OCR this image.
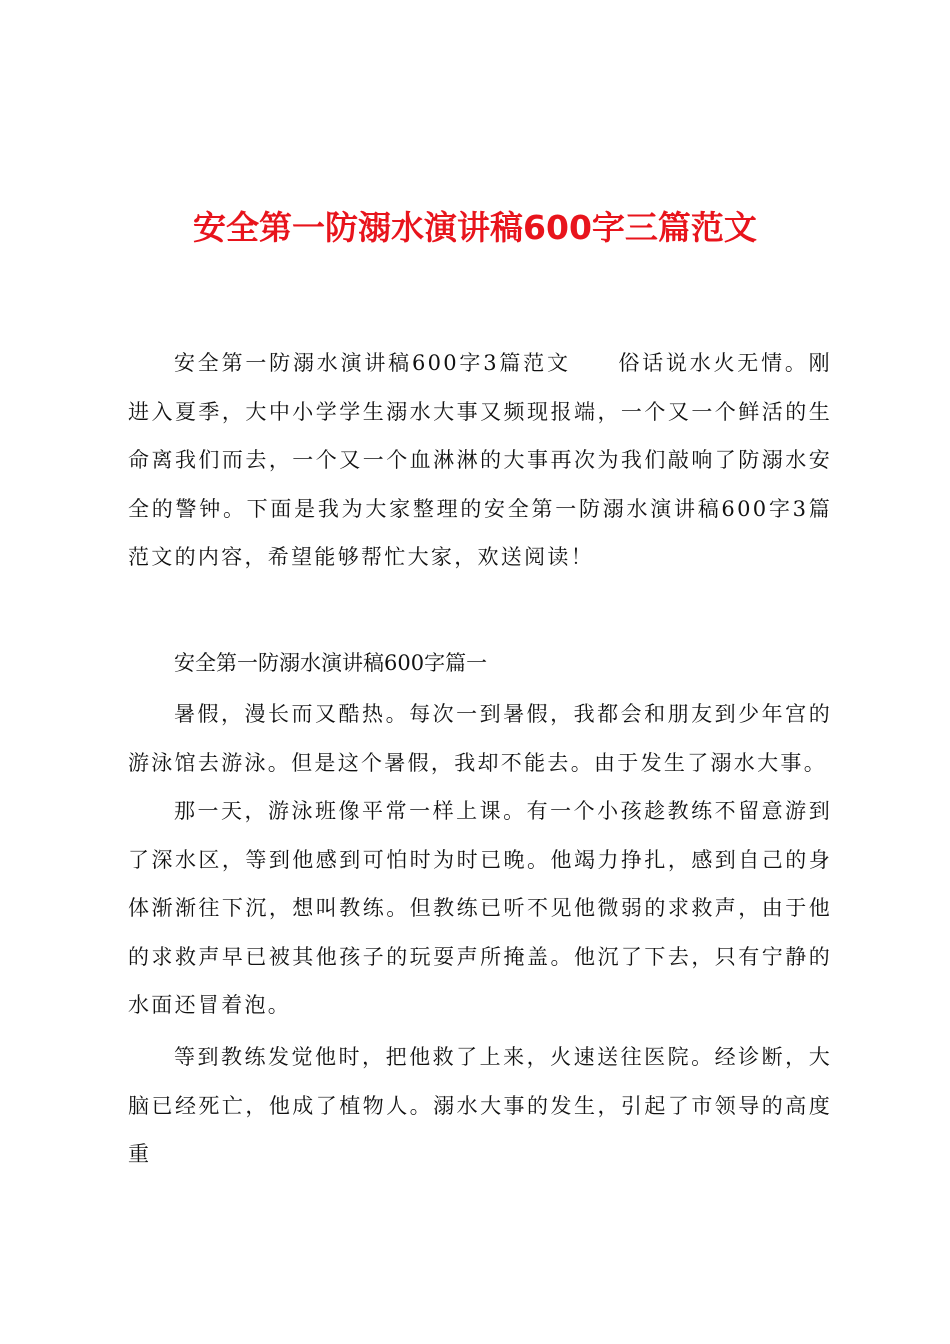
安全第一防溺水演讲稿600字三篇范文

安全第一防溺水演讲稿600字3篇范文　　俗话说水火无情。刚进入夏季，大中小学学生溺水大事又频现报端，一个又一个鲜活的生命离我们而去，一个又一个血淋淋的大事再次为我们敲响了防溺水安全的警钟。下面是我为大家整理的安全第一防溺水演讲稿600字3篇范文的内容，希望能够帮忙大家，欢送阅读！

安全第一防溺水演讲稿600字篇一

暑假，漫长而又酷热。每次一到暑假，我都会和朋友到少年宫的游泳馆去游泳。但是这个暑假，我却不能去。由于发生了溺水大事。

那一天，游泳班像平常一样上课。有一个小孩趁教练不留意游到了深水区，等到他感到可怕时为时已晚。他竭力挣扎，感到自己的身体渐渐往下沉，想叫教练。但教练已听不见他微弱的求救声，由于他的求救声早已被其他孩子的玩耍声所掩盖。他沉了下去，只有宁静的水面还冒着泡。

等到教练发觉他时，把他救了上来，火速送往医院。经诊断，大脑已经死亡，他成了植物人。溺水大事的发生，引起了市领导的高度重
